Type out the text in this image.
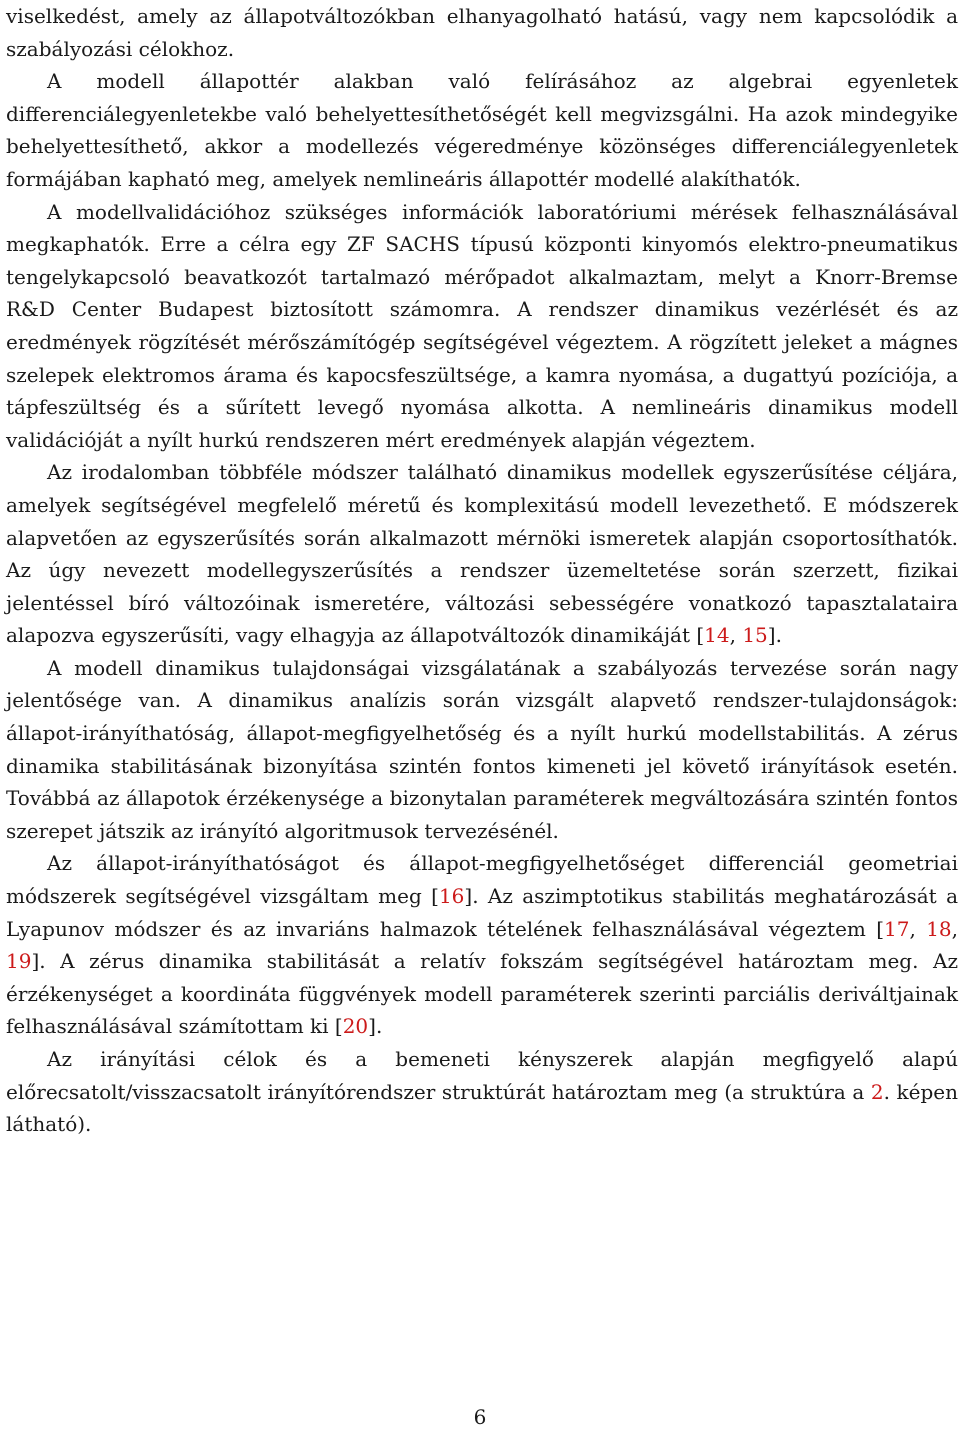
viselkedést, amely az állapotváltozókban elhanyagolható hatású, vagy nem kapcsolódik a szabályozási célokhoz.

A modell állapottér alakban való felírásához az algebrai egyenletek differenciálegyenletekbe való behelyettesíthetőségét kell megvizsgálni. Ha azok mindegyike behelyettesíthető, akkor a modellezés végeredménye közönséges differenciálegyenletek formájában kapható meg, amelyek nemlineáris állapottér modellé alakíthatók.

A modellvalidációhoz szükséges információk laboratóriumi mérések felhasználásával megkaphatók. Erre a célra egy ZF SACHS típusú központi kinyomós elektro-pneumatikus tengelykapcsoló beavatkozót tartalmazó mérőpadot alkalmaztam, melyt a Knorr-Bremse R&D Center Budapest biztosított számomra. A rendszer dinamikus vezérlését és az eredmények rögzítését mérőszámítógép segítségével végeztem. A rögzített jeleket a mágnes szelepek elektromos árama és kapocsfeszültsége, a kamra nyomása, a dugattyú pozíciója, a tápfeszültség és a sűrített levegő nyomása alkotta. A nemlineáris dinamikus modell validációját a nyílt hurkú rendszeren mért eredmények alapján végeztem.

Az irodalomban többféle módszer található dinamikus modellek egyszerűsítése céljára, amelyek segítségével megfelelő méretű és komplexitású modell levezethető. E módszerek alapvetően az egyszerűsítés során alkalmazott mérnöki ismeretek alapján csoportosíthatók. Az úgy nevezett modellegyszerűsítés a rendszer üzemeltetése során szerzett, fizikai jelentéssel bíró változóinak ismeretére, változási sebességére vonatkozó tapasztalataira alapozva egyszerűsíti, vagy elhagyja az állapotváltozók dinamikáját [14, 15].

A modell dinamikus tulajdonságai vizsgálatának a szabályozás tervezése során nagy jelentősége van. A dinamikus analízis során vizsgált alapvető rendszer-tulajdonságok: állapot-irányíthatóság, állapot-megfigyelhetőség és a nyílt hurkú modellstabilitás. A zérus dinamika stabilitásának bizonyítása szintén fontos kimeneti jel követő irányítások esetén. Továbbá az állapotok érzékenysége a bizonytalan paraméterek megváltozására szintén fontos szerepet játszik az irányító algoritmusok tervezésénél.

Az állapot-irányíthatóságot és állapot-megfigyelhetőséget differenciál geometriai módszerek segítségével vizsgáltam meg [16]. Az aszimptotikus stabilitás meghatározását a Lyapunov módszer és az invariáns halmazok tételének felhasználásával végeztem [17, 18, 19]. A zérus dinamika stabilitását a relatív fokszám segítségével határoztam meg. Az érzékenységet a koordináta függvények modell paraméterek szerinti parciális deriváltjainak felhasználásával számítottam ki [20].

Az irányítási célok és a bemeneti kényszerek alapján megfigyelő alapú előrecsatolt/visszacsatolt irányítórendszer struktúrát határoztam meg (a struktúra a 2. képen látható).

6
